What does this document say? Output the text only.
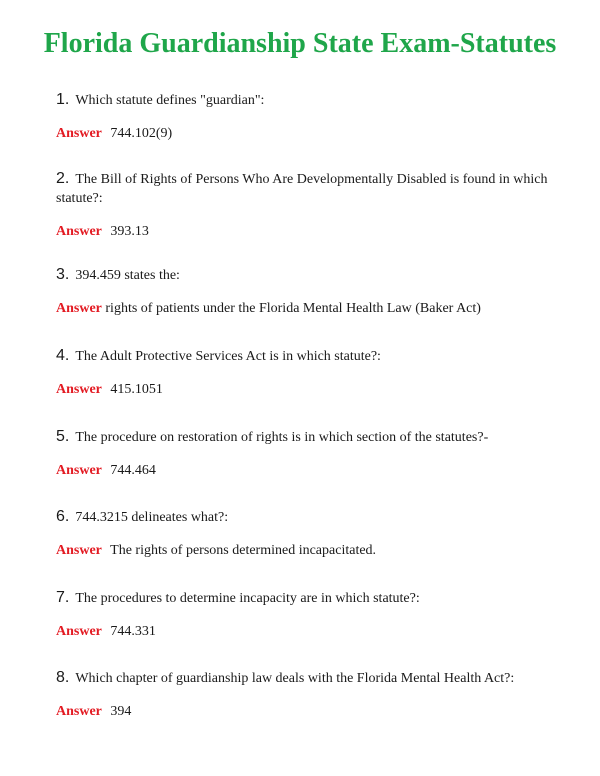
Florida Guardianship State Exam-Statutes

1. Which statute defines "guardian":

Answer 744.102(9)

2. The Bill of Rights of Persons Who Are Developmentally Disabled is found in which statute?:

Answer 393.13

3. 394.459 states the:

Answer rights of patients under the Florida Mental Health Law (Baker Act)

4. The Adult Protective Services Act is in which statute?:

Answer 415.1051

5. The procedure on restoration of rights is in which section of the statutes?-

Answer 744.464

6. 744.3215 delineates what?:

Answer The rights of persons determined incapacitated.

7. The procedures to determine incapacity are in which statute?:

Answer 744.331

8. Which chapter of guardianship law deals with the Florida Mental Health Act?:

Answer 394
